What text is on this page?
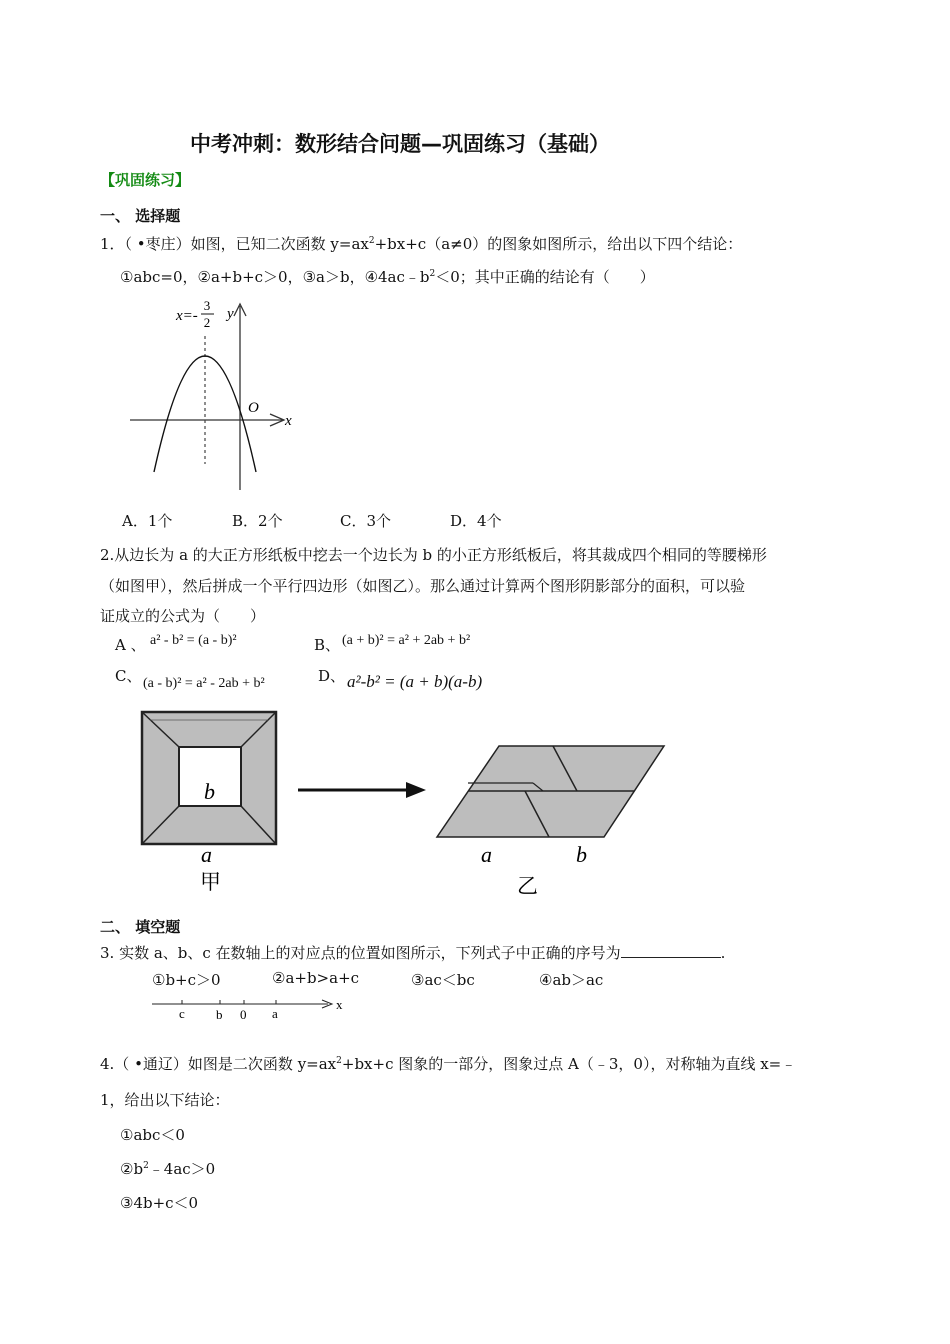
中考冲刺：数形结合问题—巩固练习（基础）
【巩固练习】
一、 选择题
1．（ •枣庄）如图，已知二次函数 $y=ax^2+bx+c(a\ne 0)$的图象如图所示，给出以下四个结论：
①abc=0，②a+b+c＞0，③a＞b，$④4ac﹣b^2<0$；其中正确的结论有（　　）
x=-
3
2
y
x
O
A．1个	B．2个	C．3个	D．4个
2.从边长为 a 的大正方形纸板中挖去一个边长为 b 的小正方形纸板后，将其裁成四个相同的等腰梯形
（如图甲），然后拼成一个平行四边形（如图乙）。那么通过计算两个图形阴影部分的面积，可以验
证成立的公式为（　　）
A 、 a² - b² = (a - b)²	B、 (a + b)² = a² + 2ab + b²
C、 (a - b)² = a² - 2ab + b²	D、 a²-b² = (a + b)(a-b)
b
a
甲
a	b
乙
二、 填空题
3. 实数 a、b、c 在数轴上的对应点的位置如图所示，下列式子中正确的序号为	.
①b+c＞0	②a+b>a+c	③ac＜bc	④ab＞ac
c b 0 a
x
4.（ •通辽）如图是二次函数 $y=ax^2+bx+c$ 图象的一部分，图象过点 A（﹣3，0），对称轴为直线 x=﹣
1，给出以下结论：
①abc＜0
$②b^2﹣4ac>0$
③4b+c＜0
